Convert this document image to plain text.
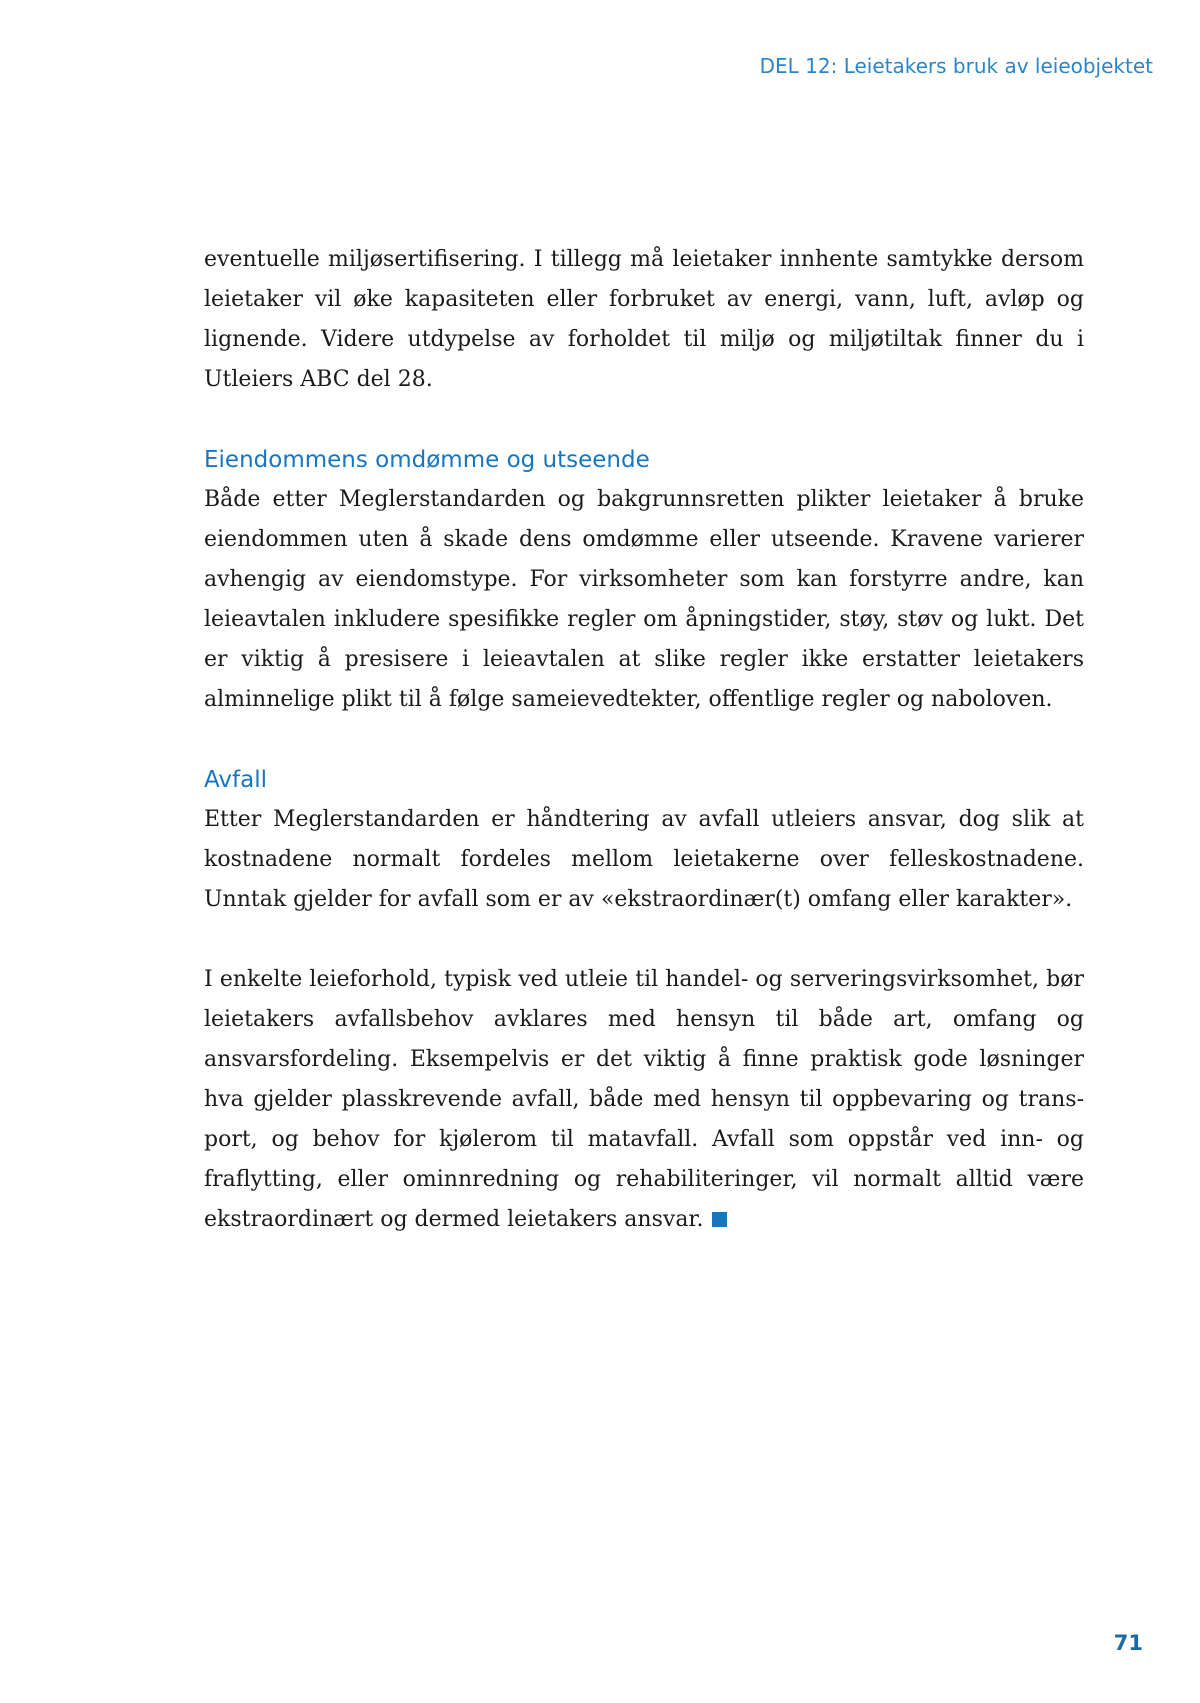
DEL 12: Leietakers bruk av leieobjektet

eventuelle miljøsertifisering. I tillegg må leietaker innhente samtykke dersom leietaker vil øke kapasiteten eller forbruket av energi, vann, luft, avløp og lignende. Videre utdypelse av forholdet til miljø og miljøtiltak finner du i Utleiers ABC del 28.

Eiendommens omdømme og utseende

Både etter Meglerstandarden og bakgrunnsretten plikter leietaker å bruke eiendommen uten å skade dens omdømme eller utseende. Kravene varierer avhengig av eiendomstype. For virksomheter som kan forstyrre andre, kan leieavtalen inkludere spesifikke regler om åpningstider, støy, støv og lukt. Det er viktig å presisere i leieavtalen at slike regler ikke erstatter leietakers alminnelige plikt til å følge sameievedtekter, offentlige regler og naboloven.

Avfall

Etter Meglerstandarden er håndtering av avfall utleiers ansvar, dog slik at kostnadene normalt fordeles mellom leietakerne over felleskostnadene. Unntak gjelder for avfall som er av «ekstraordinær(t) omfang eller karakter».

I enkelte leieforhold, typisk ved utleie til handel- og serveringsvirksomhet, bør leietakers avfallsbehov avklares med hensyn til både art, omfang og ansvarsfordeling. Eksempelvis er det viktig å finne praktisk gode løsninger hva gjelder plasskrevende avfall, både med hensyn til oppbevaring og transport, og behov for kjølerom til matavfall. Avfall som oppstår ved inn- og fraflytting, eller ominnredning og rehabiliteringer, vil normalt alltid være ekstraordinært og dermed leietakers ansvar.

71
